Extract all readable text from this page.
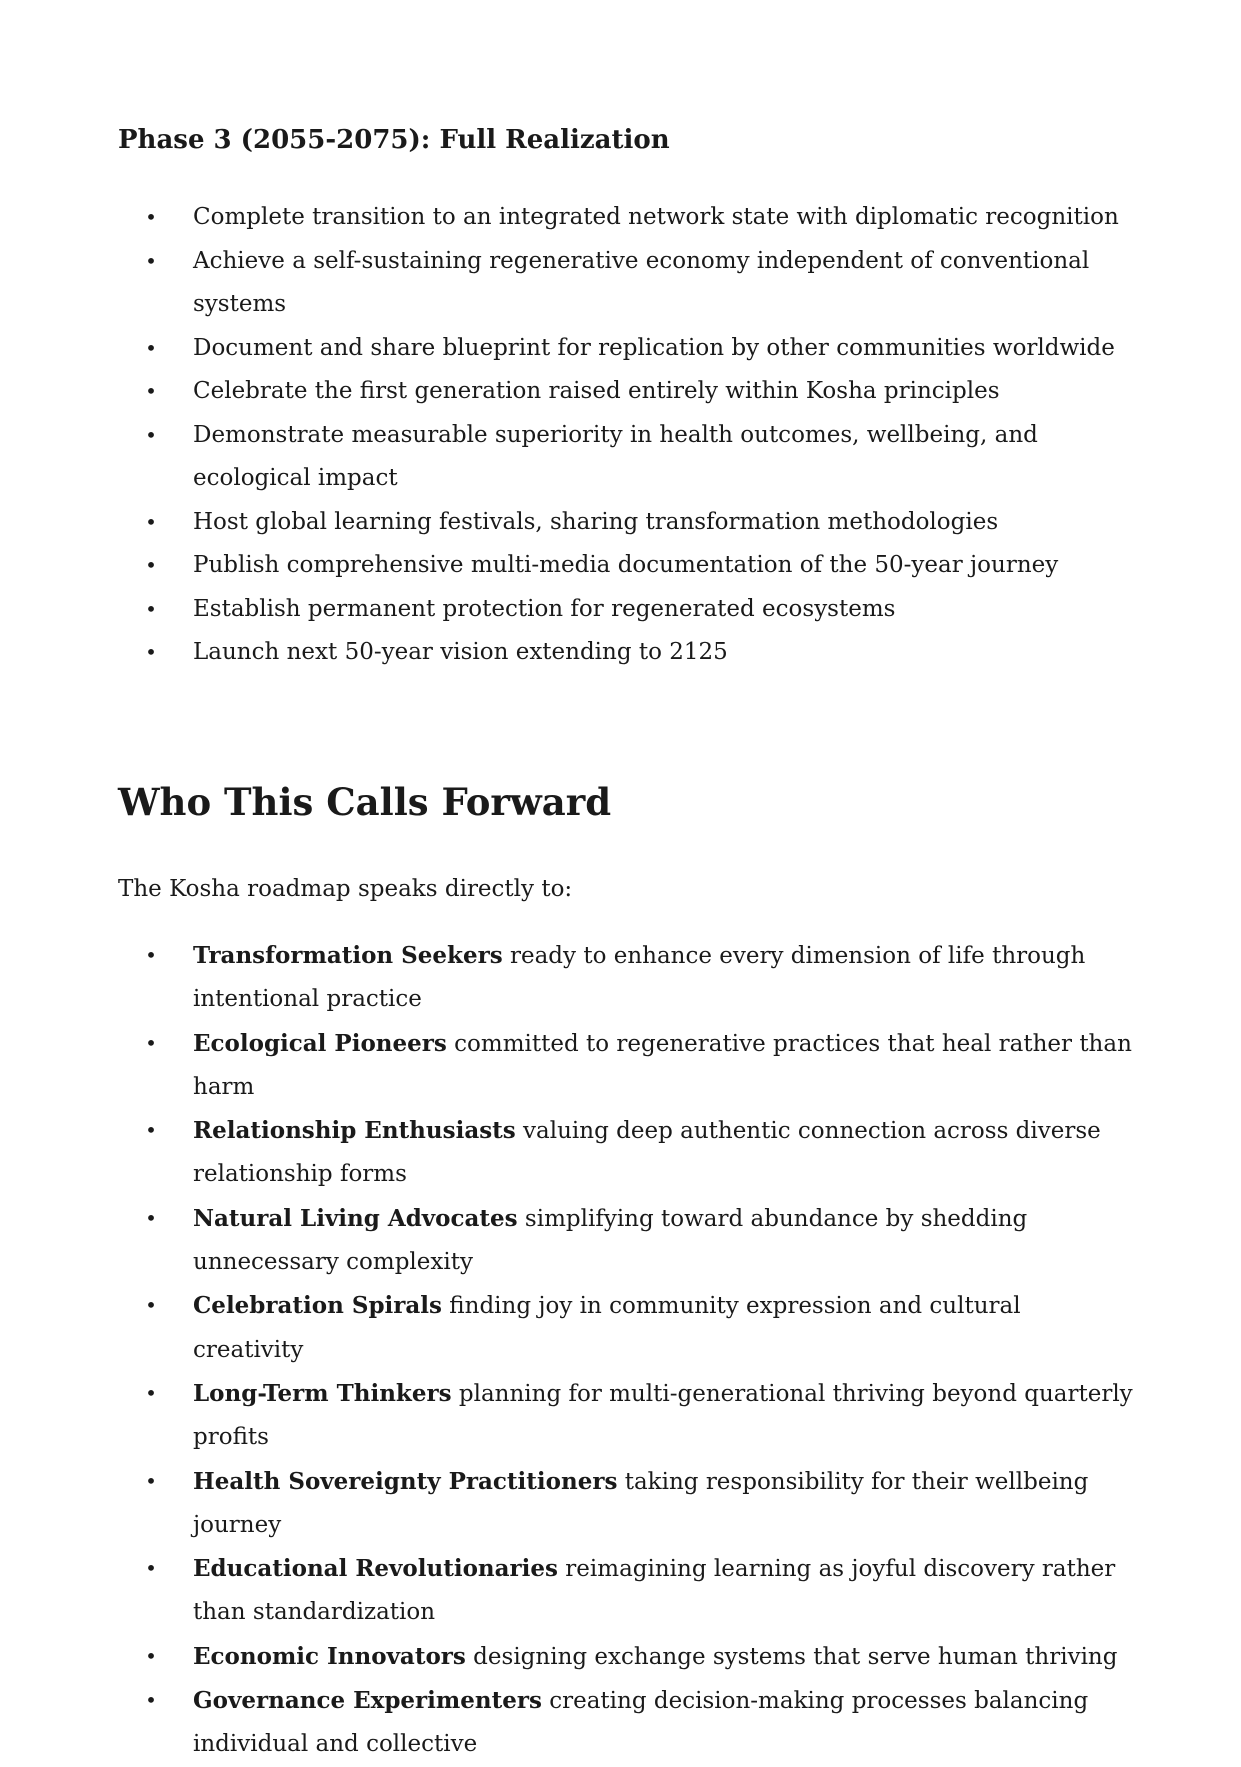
Phase 3 (2055-2075): Full Realization
• Complete transition to an integrated network state with diplomatic recognition
• Achieve a self-sustaining regenerative economy independent of conventional systems
• Document and share blueprint for replication by other communities worldwide
• Celebrate the first generation raised entirely within Kosha principles
• Demonstrate measurable superiority in health outcomes, wellbeing, and ecological impact
• Host global learning festivals, sharing transformation methodologies
• Publish comprehensive multi-media documentation of the 50-year journey
• Establish permanent protection for regenerated ecosystems
• Launch next 50-year vision extending to 2125
Who This Calls Forward

The Kosha roadmap speaks directly to:

• Transformation Seekers ready to enhance every dimension of life through intentional practice
• Ecological Pioneers committed to regenerative practices that heal rather than harm
• Relationship Enthusiasts valuing deep authentic connection across diverse relationship forms
• Natural Living Advocates simplifying toward abundance by shedding unnecessary complexity
• Celebration Spirals finding joy in community expression and cultural creativity
• Long-Term Thinkers planning for multi-generational thriving beyond quarterly profits
• Health Sovereignty Practitioners taking responsibility for their wellbeing journey
• Educational Revolutionaries reimagining learning as joyful discovery rather than standardization
• Economic Innovators designing exchange systems that serve human thriving
• Governance Experimenters creating decision-making processes balancing individual and collective
